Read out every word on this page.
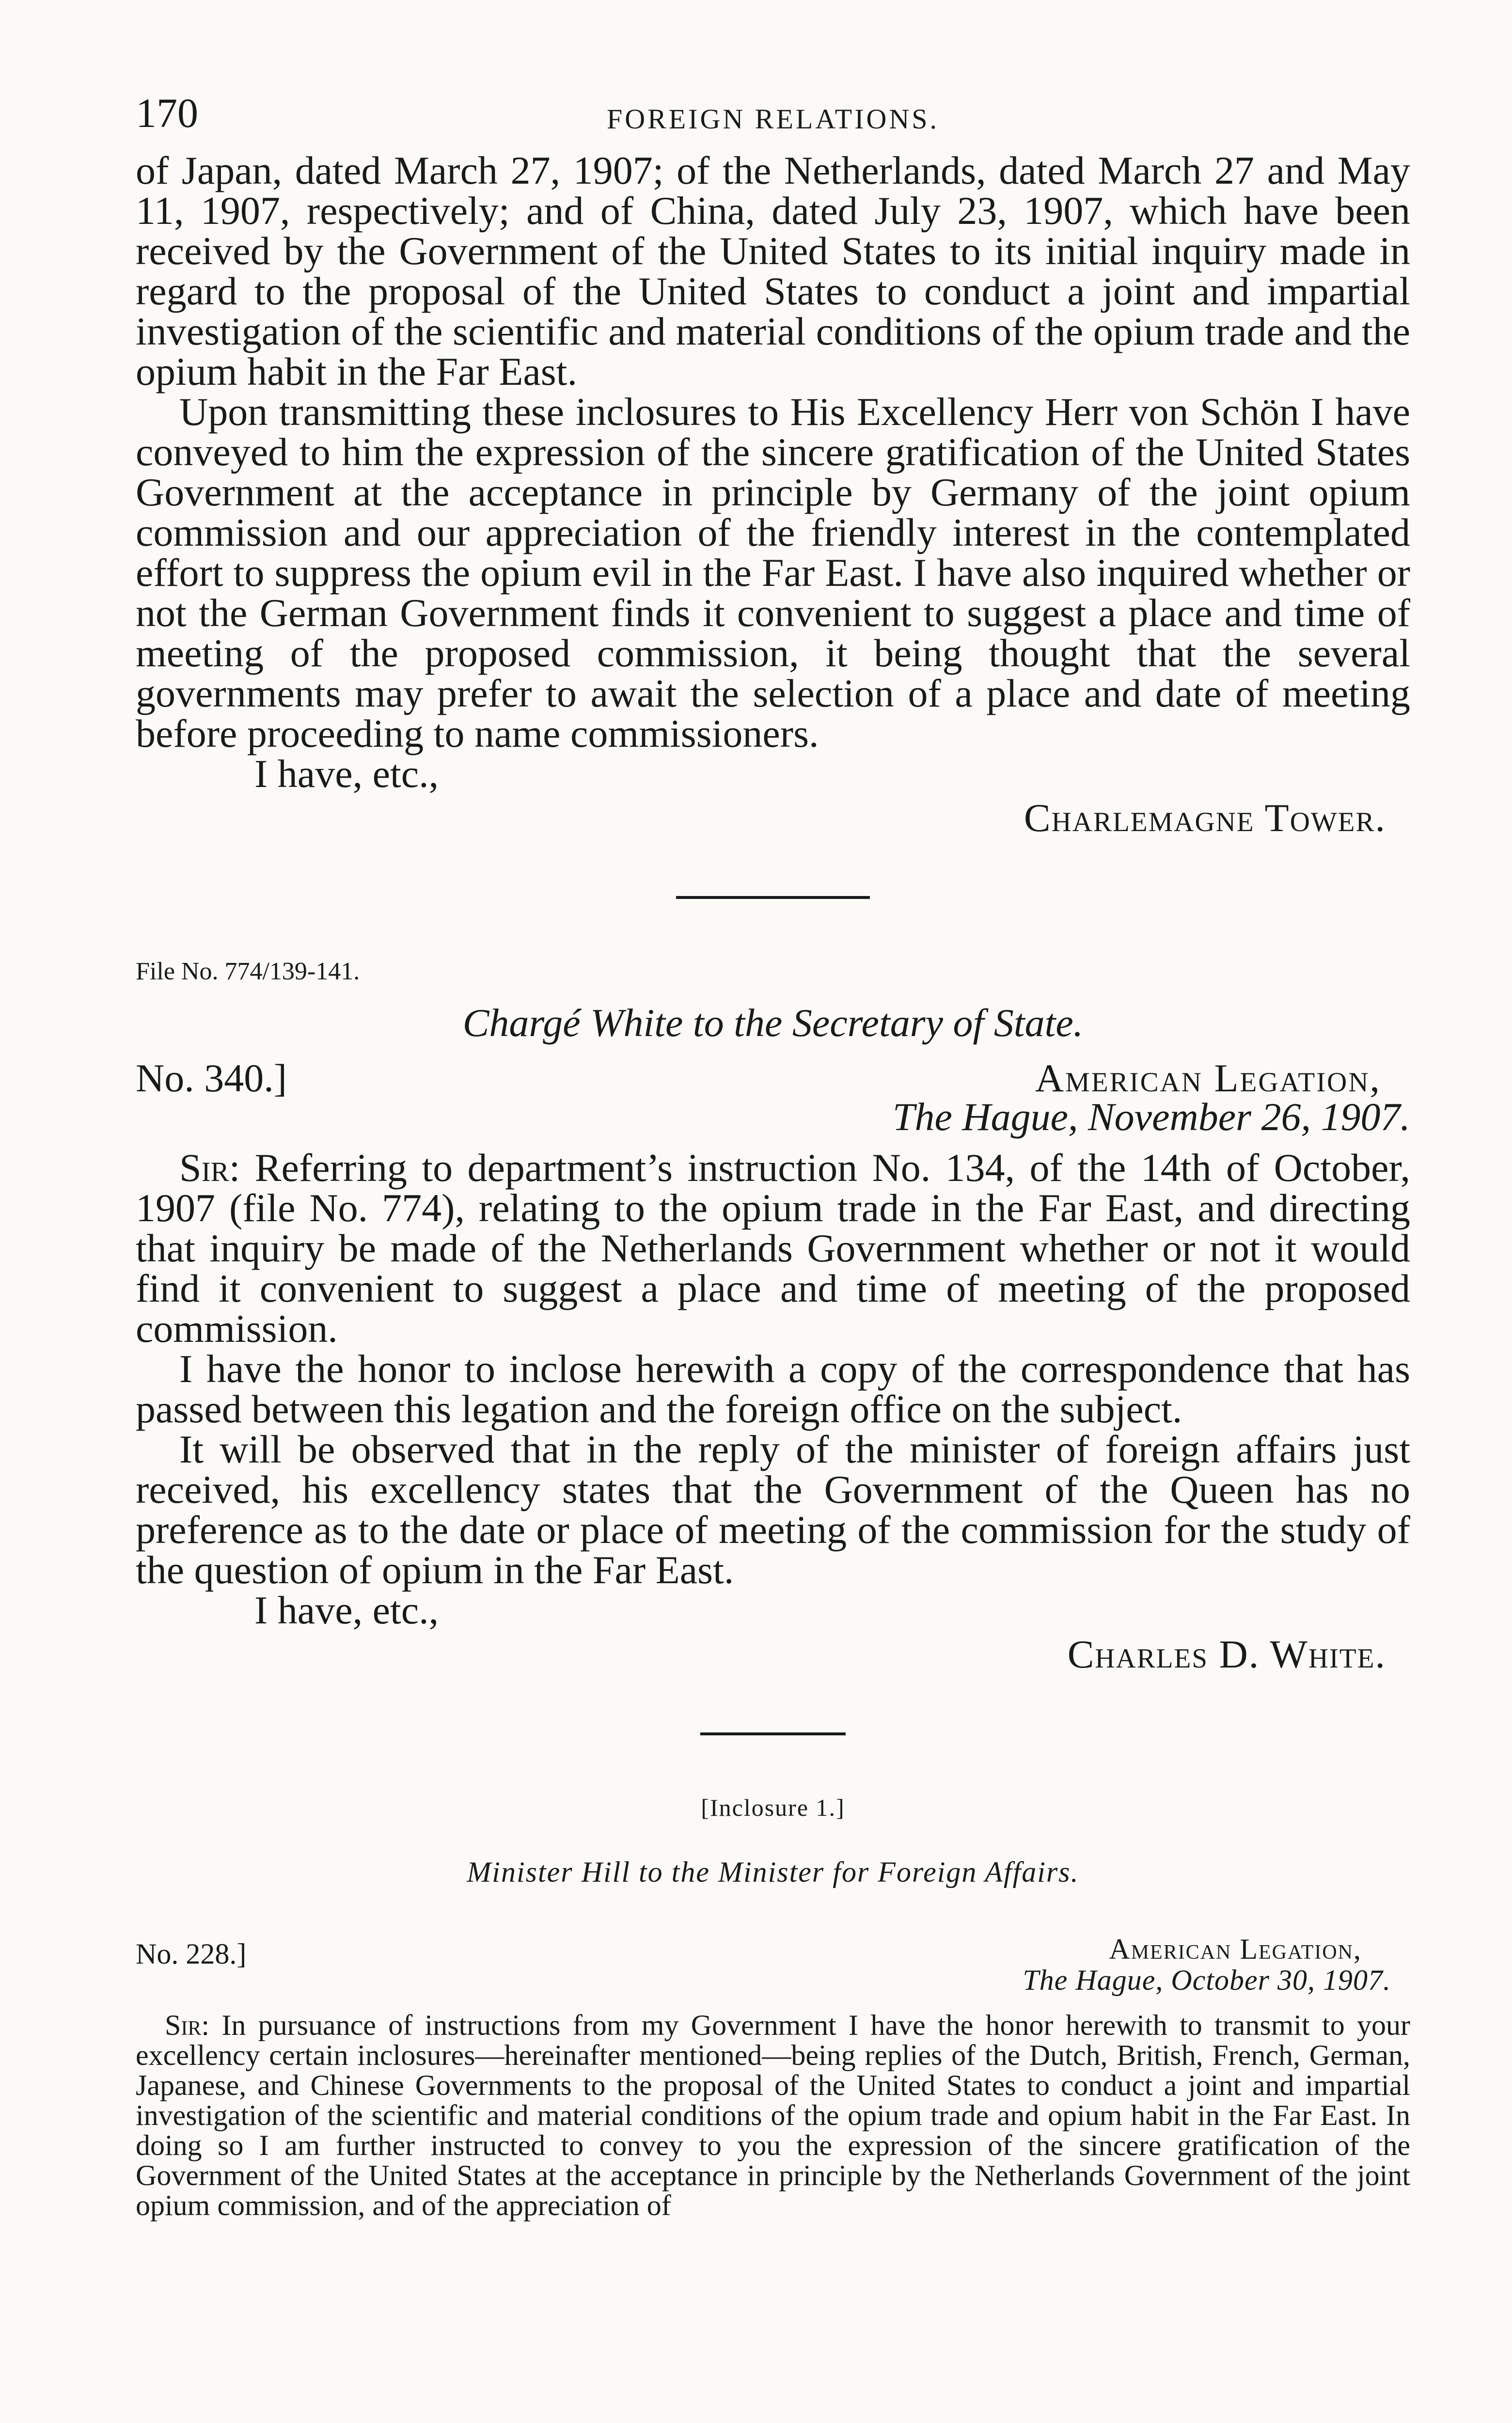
170	FOREIGN RELATIONS.

of Japan, dated March 27, 1907; of the Netherlands, dated March 27 and May 11, 1907, respectively; and of China, dated July 23, 1907, which have been received by the Government of the United States to its initial inquiry made in regard to the proposal of the United States to conduct a joint and impartial investigation of the scientific and material conditions of the opium trade and the opium habit in the Far East.

Upon transmitting these inclosures to His Excellency Herr von Schön I have conveyed to him the expression of the sincere gratification of the United States Government at the acceptance in principle by Germany of the joint opium commission and our appreciation of the friendly interest in the contemplated effort to suppress the opium evil in the Far East. I have also inquired whether or not the German Government finds it convenient to suggest a place and time of meeting of the proposed commission, it being thought that the several governments may prefer to await the selection of a place and date of meeting before proceeding to name commissioners.

I have, etc.,

Charlemagne Tower.

File No. 774/139-141.

Chargé White to the Secretary of State.

No. 340.]	American Legation,
The Hague, November 26, 1907.

Sir: Referring to department’s instruction No. 134, of the 14th of October, 1907 (file No. 774), relating to the opium trade in the Far East, and directing that inquiry be made of the Netherlands Government whether or not it would find it convenient to suggest a place and time of meeting of the proposed commission.

I have the honor to inclose herewith a copy of the correspondence that has passed between this legation and the foreign office on the subject.

It will be observed that in the reply of the minister of foreign affairs just received, his excellency states that the Government of the Queen has no preference as to the date or place of meeting of the commission for the study of the question of opium in the Far East.

I have, etc.,

Charles D. White.

[Inclosure 1.]

Minister Hill to the Minister for Foreign Affairs.

No. 228.]	American Legation,
The Hague, October 30, 1907.

Sir: In pursuance of instructions from my Government I have the honor herewith to transmit to your excellency certain inclosures—hereinafter mentioned—being replies of the Dutch, British, French, German, Japanese, and Chinese Governments to the proposal of the United States to conduct a joint and impartial investigation of the scientific and material conditions of the opium trade and opium habit in the Far East. In doing so I am further instructed to convey to you the expression of the sincere gratification of the Government of the United States at the acceptance in principle by the Netherlands Government of the joint opium commission, and of the appreciation of
